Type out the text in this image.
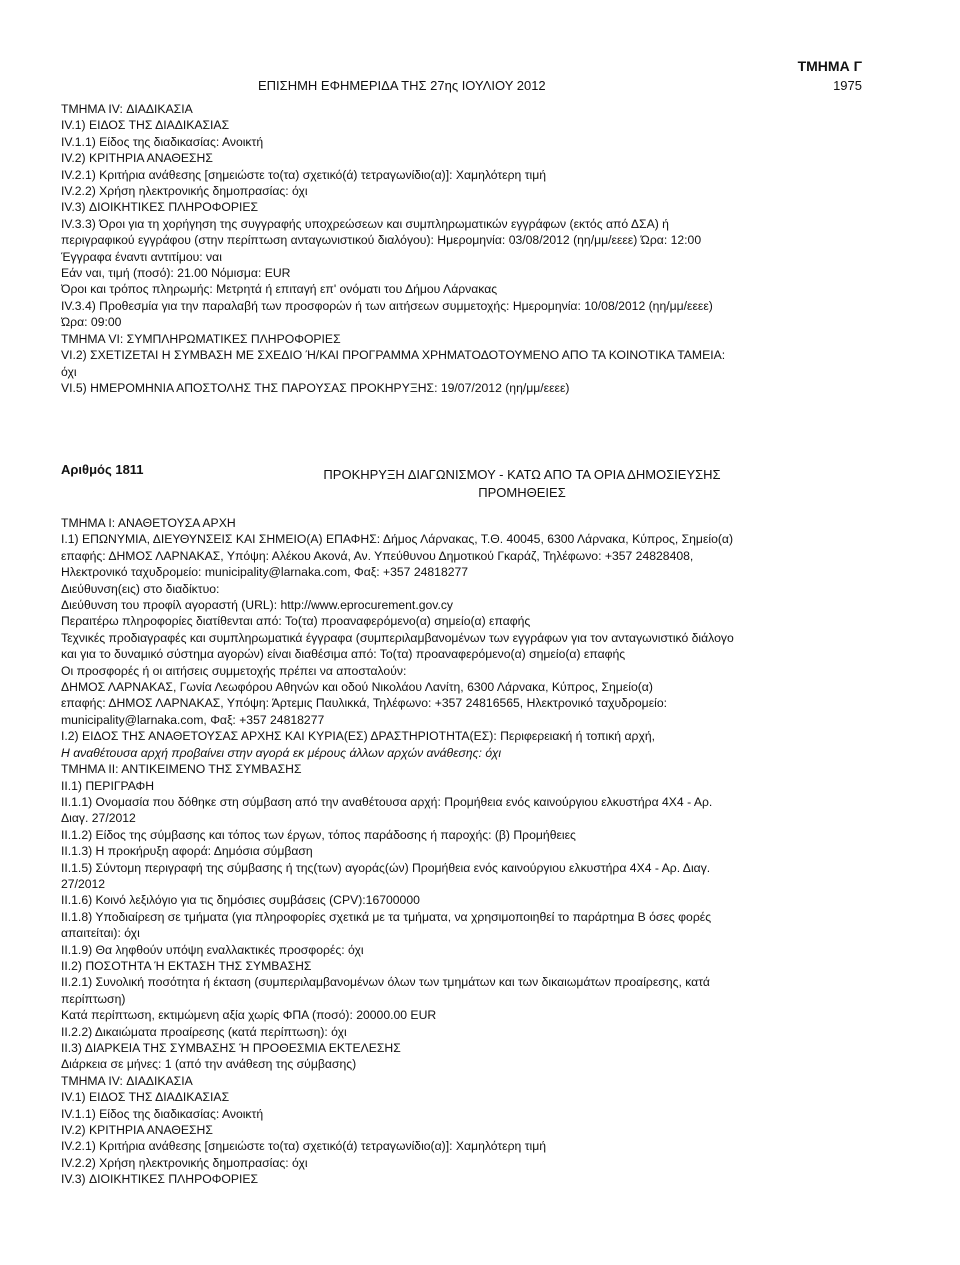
ΤΜΗΜΑ Γ
ΕΠΙΣΗΜΗ ΕΦΗΜΕΡΙΔΑ ΤΗΣ 27ης ΙΟΥΛΙΟΥ 2012	1975
ΤΜΗΜΑ IV: ΔΙΑΔΙΚΑΣΙΑ
IV.1) ΕΙΔΟΣ ΤΗΣ ΔΙΑΔΙΚΑΣΙΑΣ
IV.1.1) Είδος της διαδικασίας: Ανοικτή
IV.2) ΚΡΙΤΗΡΙΑ ΑΝΑΘΕΣΗΣ
IV.2.1) Κριτήρια ανάθεσης [σημειώστε το(τα) σχετικό(ά) τετραγωνίδιο(α)]: Χαμηλότερη τιμή
IV.2.2) Χρήση ηλεκτρονικής δημοπρασίας: όχι
IV.3) ΔΙΟΙΚΗΤΙΚΕΣ ΠΛΗΡΟΦΟΡΙΕΣ
IV.3.3) Όροι για τη χορήγηση της συγγραφής υποχρεώσεων και συμπληρωματικών εγγράφων (εκτός από ΔΣΑ) ή
περιγραφικού εγγράφου (στην περίπτωση ανταγωνιστικού διαλόγου): Ημερομηνία: 03/08/2012 (ηη/μμ/εεεε) Ώρα: 12:00
Έγγραφα έναντι αντιτίμου: ναι
Εάν ναι, τιμή (ποσό): 21.00 Νόμισμα: EUR
Όροι και τρόπος πληρωμής: Μετρητά ή επιταγή επ' ονόματι του Δήμου Λάρνακας
IV.3.4) Προθεσμία για την παραλαβή των προσφορών ή των αιτήσεων συμμετοχής: Ημερομηνία: 10/08/2012 (ηη/μμ/εεεε)
Ώρα: 09:00
ΤΜΗΜΑ VI: ΣΥΜΠΛΗΡΩΜΑΤΙΚΕΣ ΠΛΗΡΟΦΟΡΙΕΣ
VI.2) ΣΧΕΤΙΖΕΤΑΙ Η ΣΥΜΒΑΣΗ ΜΕ ΣΧΕΔΙΟ Ή/ΚΑΙ ΠΡΟΓΡΑΜΜΑ ΧΡΗΜΑΤΟΔΟΤΟΥΜΕΝΟ ΑΠΟ ΤΑ ΚΟΙΝΟΤΙΚΑ ΤΑΜΕΙΑ:
όχι
VI.5) ΗΜΕΡΟΜΗΝΙΑ ΑΠΟΣΤΟΛΗΣ ΤΗΣ ΠΑΡΟΥΣΑΣ ΠΡΟΚΗΡΥΞΗΣ: 19/07/2012 (ηη/μμ/εεεε)
Αριθμός 1811	ΠΡΟΚΗΡΥΞΗ ΔΙΑΓΩΝΙΣΜΟΥ - ΚΑΤΩ ΑΠΟ ΤΑ ΟΡΙΑ ΔΗΜΟΣΙΕΥΣΗΣ
ΠΡΟΜΗΘΕΙΕΣ
ΤΜΗΜΑ Ι: ΑΝΑΘΕΤΟΥΣΑ ΑΡΧΗ
Ι.1) ΕΠΩΝΥΜΙΑ, ΔΙΕΥΘΥΝΣΕΙΣ ΚΑΙ ΣΗΜΕΙΟ(Α) ΕΠΑΦΗΣ: Δήμος Λάρνακας, Τ.Θ. 40045, 6300 Λάρνακα, Κύπρος, Σημείο(α)
επαφής: ΔΗΜΟΣ ΛΑΡΝΑΚΑΣ, Υπόψη: Αλέκου Ακονά, Αν. Υπεύθυνου Δημοτικού Γκαράζ, Τηλέφωνο: +357 24828408,
Ηλεκτρονικό ταχυδρομείο: municipality@larnaka.com, Φαξ: +357 24818277
Διεύθυνση(εις) στο διαδίκτυο:
Διεύθυνση του προφίλ αγοραστή (URL): http://www.eprocurement.gov.cy
Περαιτέρω πληροφορίες διατίθενται από: Το(τα) προαναφερόμενο(α) σημείο(α) επαφής
Τεχνικές προδιαγραφές και συμπληρωματικά έγγραφα (συμπεριλαμβανομένων των εγγράφων για τον ανταγωνιστικό διάλογο
και για το δυναμικό σύστημα αγορών) είναι διαθέσιμα από: Το(τα) προαναφερόμενο(α) σημείο(α) επαφής
Οι προσφορές ή οι αιτήσεις συμμετοχής πρέπει να αποσταλούν:
ΔΗΜΟΣ ΛΑΡΝΑΚΑΣ, Γωνία Λεωφόρου Αθηνών και οδού Νικολάου Λανίτη, 6300 Λάρνακα, Κύπρος, Σημείο(α)
επαφής: ΔΗΜΟΣ ΛΑΡΝΑΚΑΣ, Υπόψη: Άρτεμις Παυλικκά, Τηλέφωνο: +357 24816565, Ηλεκτρονικό ταχυδρομείο:
municipality@larnaka.com, Φαξ: +357 24818277
Ι.2) ΕΙΔΟΣ ΤΗΣ ΑΝΑΘΕΤΟΥΣΑΣ ΑΡΧΗΣ ΚΑΙ ΚΥΡΙΑ(ΕΣ) ΔΡΑΣΤΗΡΙΟΤΗΤΑ(ΕΣ): Περιφερειακή ή τοπική αρχή,
Η αναθέτουσα αρχή προβαίνει στην αγορά εκ μέρους άλλων αρχών ανάθεσης: όχι
ΤΜΗΜΑ ΙΙ: ΑΝΤΙΚΕΙΜΕΝΟ ΤΗΣ ΣΥΜΒΑΣΗΣ
ΙΙ.1) ΠΕΡΙΓΡΑΦΗ
ΙΙ.1.1) Ονομασία που δόθηκε στη σύμβαση από την αναθέτουσα αρχή: Προμήθεια ενός καινούργιου ελκυστήρα 4Χ4 - Αρ.
Διαγ. 27/2012
ΙΙ.1.2) Είδος της σύμβασης και τόπος των έργων, τόπος παράδοσης ή παροχής: (β) Προμήθειες
ΙΙ.1.3) Η προκήρυξη αφορά: Δημόσια σύμβαση
ΙΙ.1.5) Σύντομη περιγραφή της σύμβασης ή της(των) αγοράς(ών) Προμήθεια ενός καινούργιου ελκυστήρα 4Χ4 - Αρ. Διαγ.
27/2012
ΙΙ.1.6) Κοινό λεξιλόγιο για τις δημόσιες συμβάσεις (CPV):16700000
ΙΙ.1.8) Υποδιαίρεση σε τμήματα (για πληροφορίες σχετικά με τα τμήματα, να χρησιμοποιηθεί το παράρτημα Β όσες φορές
απαιτείται): όχι
ΙΙ.1.9) Θα ληφθούν υπόψη εναλλακτικές προσφορές: όχι
ΙΙ.2) ΠΟΣΟΤΗΤΑ Ή ΕΚΤΑΣΗ ΤΗΣ ΣΥΜΒΑΣΗΣ
ΙΙ.2.1) Συνολική ποσότητα ή έκταση (συμπεριλαμβανομένων όλων των τμημάτων και των δικαιωμάτων προαίρεσης, κατά
περίπτωση)
Κατά περίπτωση, εκτιμώμενη αξία χωρίς ΦΠΑ (ποσό): 20000.00 EUR
ΙΙ.2.2) Δικαιώματα προαίρεσης (κατά περίπτωση): όχι
ΙΙ.3) ΔΙΑΡΚΕΙΑ ΤΗΣ ΣΥΜΒΑΣΗΣ Ή ΠΡΟΘΕΣΜΙΑ ΕΚΤΕΛΕΣΗΣ
Διάρκεια σε μήνες: 1 (από την ανάθεση της σύμβασης)
ΤΜΗΜΑ IV: ΔΙΑΔΙΚΑΣΙΑ
IV.1) ΕΙΔΟΣ ΤΗΣ ΔΙΑΔΙΚΑΣΙΑΣ
IV.1.1) Είδος της διαδικασίας: Ανοικτή
IV.2) ΚΡΙΤΗΡΙΑ ΑΝΑΘΕΣΗΣ
IV.2.1) Κριτήρια ανάθεσης [σημειώστε το(τα) σχετικό(ά) τετραγωνίδιο(α)]: Χαμηλότερη τιμή
IV.2.2) Χρήση ηλεκτρονικής δημοπρασίας: όχι
IV.3) ΔΙΟΙΚΗΤΙΚΕΣ ΠΛΗΡΟΦΟΡΙΕΣ
